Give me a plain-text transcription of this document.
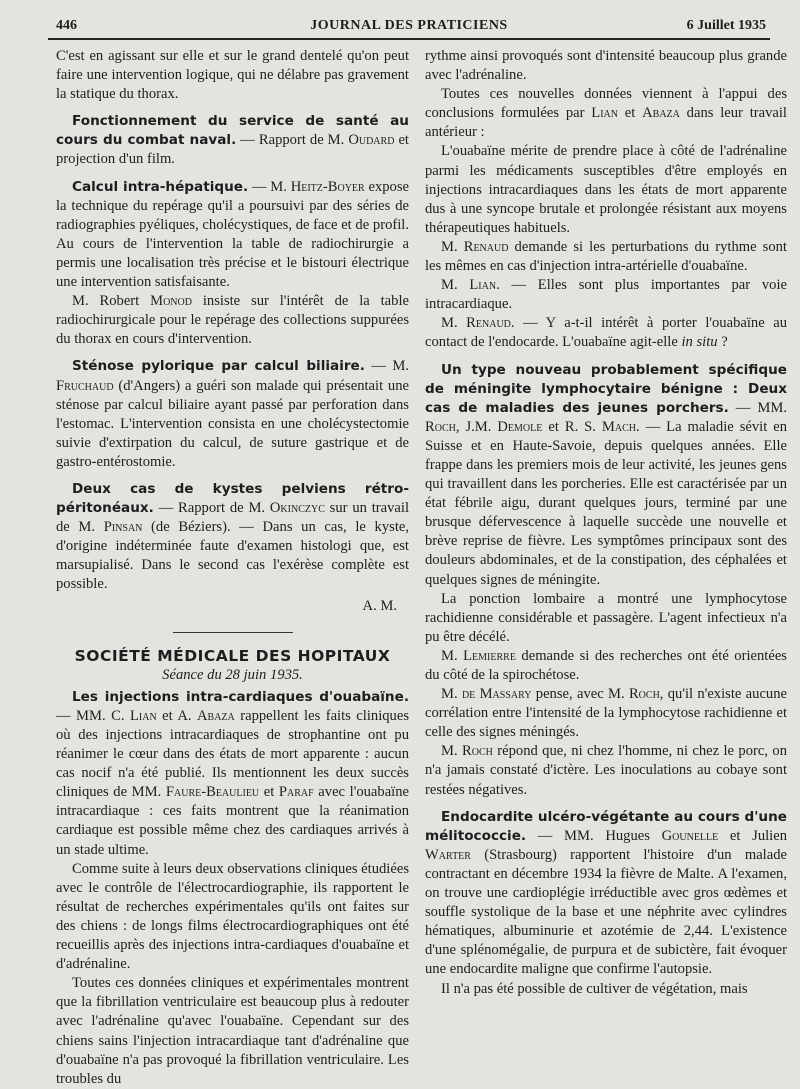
446	JOURNAL DES PRATICIENS	6 Juillet 1935

C'est en agissant sur elle et sur le grand dentelé qu'on peut faire une intervention logique, qui ne délabre pas gravement la statique du thorax.

Fonctionnement du service de santé au cours du combat naval. — Rapport de M. Oudard et projection d'un film.

Calcul intra-hépatique. — M. Heitz-Boyer expose la technique du repérage qu'il a poursuivi par des séries de radiographies pyéliques, cholécystiques, de face et de profil. Au cours de l'intervention la table de radiochirurgie a permis une localisation très précise et le bistouri électrique une intervention satisfaisante.

M. Robert Monod insiste sur l'intérêt de la table radiochirurgicale pour le repérage des collections suppurées du thorax en cours d'intervention.

Sténose pylorique par calcul biliaire. — M. Fruchaud (d'Angers) a guéri son malade qui présentait une sténose par calcul biliaire ayant passé par perforation dans l'estomac. L'intervention consista en une cholécystectomie suivie d'extirpation du calcul, de suture gastrique et de gastro-entérostomie.

Deux cas de kystes pelviens rétro-péritonéaux. — Rapport de M. Okinczyc sur un travail de M. Pinsan (de Béziers). — Dans un cas, le kyste, d'origine indéterminée faute d'examen histologi que, est marsupialisé. Dans le second cas l'exérèse complète est possible.

A. M.
SOCIÉTÉ MÉDICALE DES HOPITAUX
Séance du 28 juin 1935.

Les injections intra-cardiaques d'ouabaïne. — MM. C. Lian et A. Abaza rappellent les faits cliniques où des injections intracardiaques de strophantine ont pu réanimer le cœur dans des états de mort apparente : aucun cas nocif n'a été publié. Ils mentionnent les deux succès cliniques de MM. Faure-Beaulieu et Paraf avec l'ouabaïne intracardiaque : ces faits montrent que la réanimation cardiaque est possible même chez des cardiaques arrivés à un stade ultime.

Comme suite à leurs deux observations cliniques étudiées avec le contrôle de l'électrocardiographie, ils rapportent le résultat de recherches expérimentales qu'ils ont faites sur des chiens : de longs films électrocardiographiques ont été recueillis après des injections intra-cardiaques d'ouabaïne et d'adrénaline.

Toutes ces données cliniques et expérimentales montrent que la fibrillation ventriculaire est beaucoup plus à redouter avec l'adrénaline qu'avec l'ouabaïne. Cependant sur des chiens sains l'injection intracardiaque tant d'adrénaline que d'ouabaïne n'a pas provoqué la fibrillation ventriculaire. Les troubles du

rythme ainsi provoqués sont d'intensité beaucoup plus grande avec l'adrénaline.

Toutes ces nouvelles données viennent à l'appui des conclusions formulées par Lian et Abaza dans leur travail antérieur :

L'ouabaïne mérite de prendre place à côté de l'adrénaline parmi les médicaments susceptibles d'être employés en injections intracardiaques dans les états de mort apparente dus à une syncope brutale et prolongée résistant aux moyens thérapeutiques habituels.

M. Renaud demande si les perturbations du rythme sont les mêmes en cas d'injection intra-artérielle d'ouabaïne.

M. Lian. — Elles sont plus importantes par voie intracardiaque.

M. Renaud. — Y a-t-il intérêt à porter l'ouabaïne au contact de l'endocarde. L'ouabaïne agit-elle in situ ?

Un type nouveau probablement spécifique de méningite lymphocytaire bénigne : Deux cas de maladies des jeunes porchers. — MM. Roch, J.M. Demole et R. S. Mach. — La maladie sévit en Suisse et en Haute-Savoie, depuis quelques années. Elle frappe dans les premiers mois de leur activité, les jeunes gens qui travaillent dans les porcheries. Elle est caractérisée par un état fébrile aigu, durant quelques jours, terminé par une brusque défervescence à laquelle succède une nouvelle et brève reprise de fièvre. Les symptômes principaux sont des douleurs abdominales, et de la constipation, des céphalées et quelques signes de méningite.

La ponction lombaire a montré une lymphocytose rachidienne considérable et passagère. L'agent infectieux n'a pu être décélé.

M. Lemierre demande si des recherches ont été orientées du côté de la spirochétose.

M. de Massary pense, avec M. Roch, qu'il n'existe aucune corrélation entre l'intensité de la lymphocytose rachidienne et celle des signes méningés.

M. Roch répond que, ni chez l'homme, ni chez le porc, on n'a jamais constaté d'ictère. Les inoculations au cobaye sont restées négatives.

Endocardite ulcéro-végétante au cours d'une mélitococcie. — MM. Hugues Gounelle et Julien Warter (Strasbourg) rapportent l'histoire d'un malade contractant en décembre 1934 la fièvre de Malte. A l'examen, on trouve une cardioplégie irréductible avec gros œdèmes et souffle systolique de la base et une néphrite avec cylindres hématiques, albuminurie et azotémie de 2,44. L'existence d'une splénomégalie, de purpura et de subictère, fait évoquer une endocardite maligne que confirme l'autopsie.

Il n'a pas été possible de cultiver de végétation, mais
